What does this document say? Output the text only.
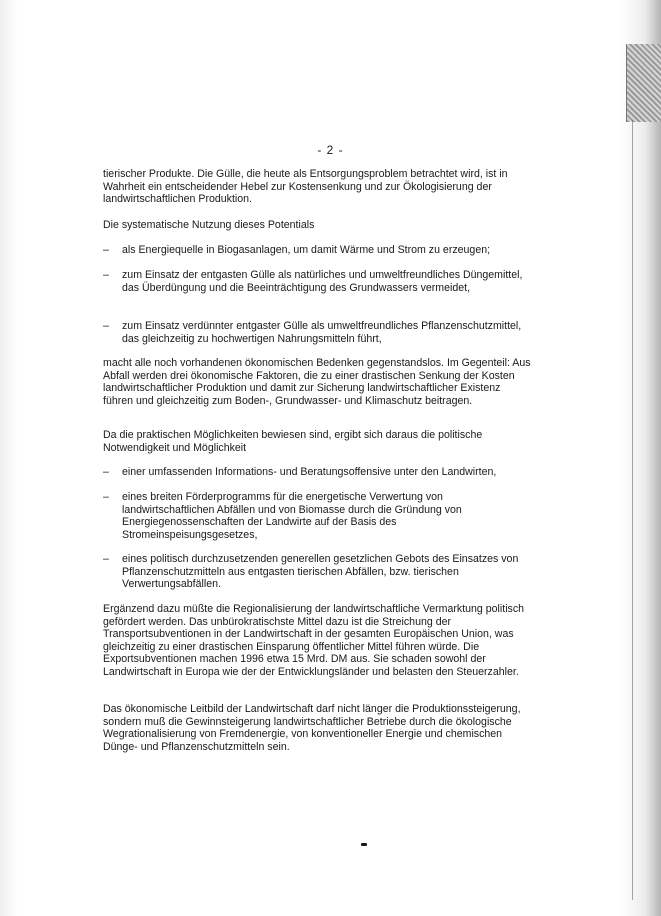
- 2 -
tierischer Produkte. Die Gülle, die heute als Entsorgungsproblem betrachtet wird, ist in Wahrheit ein entscheidender Hebel zur Kostensenkung und zur Ökologisierung der landwirtschaftlichen Produktion.
Die systematische Nutzung dieses Potentials
– als Energiequelle in Biogasanlagen, um damit Wärme und Strom zu erzeugen;
– zum Einsatz der entgasten Gülle als natürliches und umweltfreundliches Düngemittel, das Überdüngung und die Beeinträchtigung des Grundwassers vermeidet,
– zum Einsatz verdünnter entgaster Gülle als umweltfreundliches Pflanzenschutzmittel, das gleichzeitig zu hochwertigen Nahrungsmitteln führt,
macht alle noch vorhandenen ökonomischen Bedenken gegenstandslos. Im Gegenteil: Aus Abfall werden drei ökonomische Faktoren, die zu einer drastischen Senkung der Kosten landwirtschaftlicher Produktion und damit zur Sicherung landwirtschaftlicher Existenz führen und gleichzeitig zum Boden-, Grundwasser- und Klimaschutz beitragen.
Da die praktischen Möglichkeiten bewiesen sind, ergibt sich daraus die politische Notwendigkeit und Möglichkeit
– einer umfassenden Informations- und Beratungsoffensive unter den Landwirten,
– eines breiten Förderprogramms für die energetische Verwertung von landwirtschaftlichen Abfällen und von Biomasse durch die Gründung von Energiegenossenschaften der Landwirte auf der Basis des Stromeinspeisungsgesetzes,
– eines politisch durchzusetzenden generellen gesetzlichen Gebots des Einsatzes von Pflanzenschutzmitteln aus entgasten tierischen Abfällen, bzw. tierischen Verwertungsabfällen.
Ergänzend dazu müßte die Regionalisierung der landwirtschaftliche Vermarktung politisch gefördert werden. Das unbürokratischste Mittel dazu ist die Streichung der Transportsubventionen in der Landwirtschaft in der gesamten Europäischen Union, was gleichzeitig zu einer drastischen Einsparung öffentlicher Mittel führen würde. Die Exportsubventionen machen 1996 etwa 15 Mrd. DM aus. Sie schaden sowohl der Landwirtschaft in Europa wie der der Entwicklungsländer und belasten den Steuerzahler.
Das ökonomische Leitbild der Landwirtschaft darf nicht länger die Produktionssteigerung, sondern muß die Gewinnsteigerung landwirtschaftlicher Betriebe durch die ökologische Wegrationalisierung von Fremdenergie, von konventioneller Energie und chemischen Dünge- und Pflanzenschutzmitteln sein.
